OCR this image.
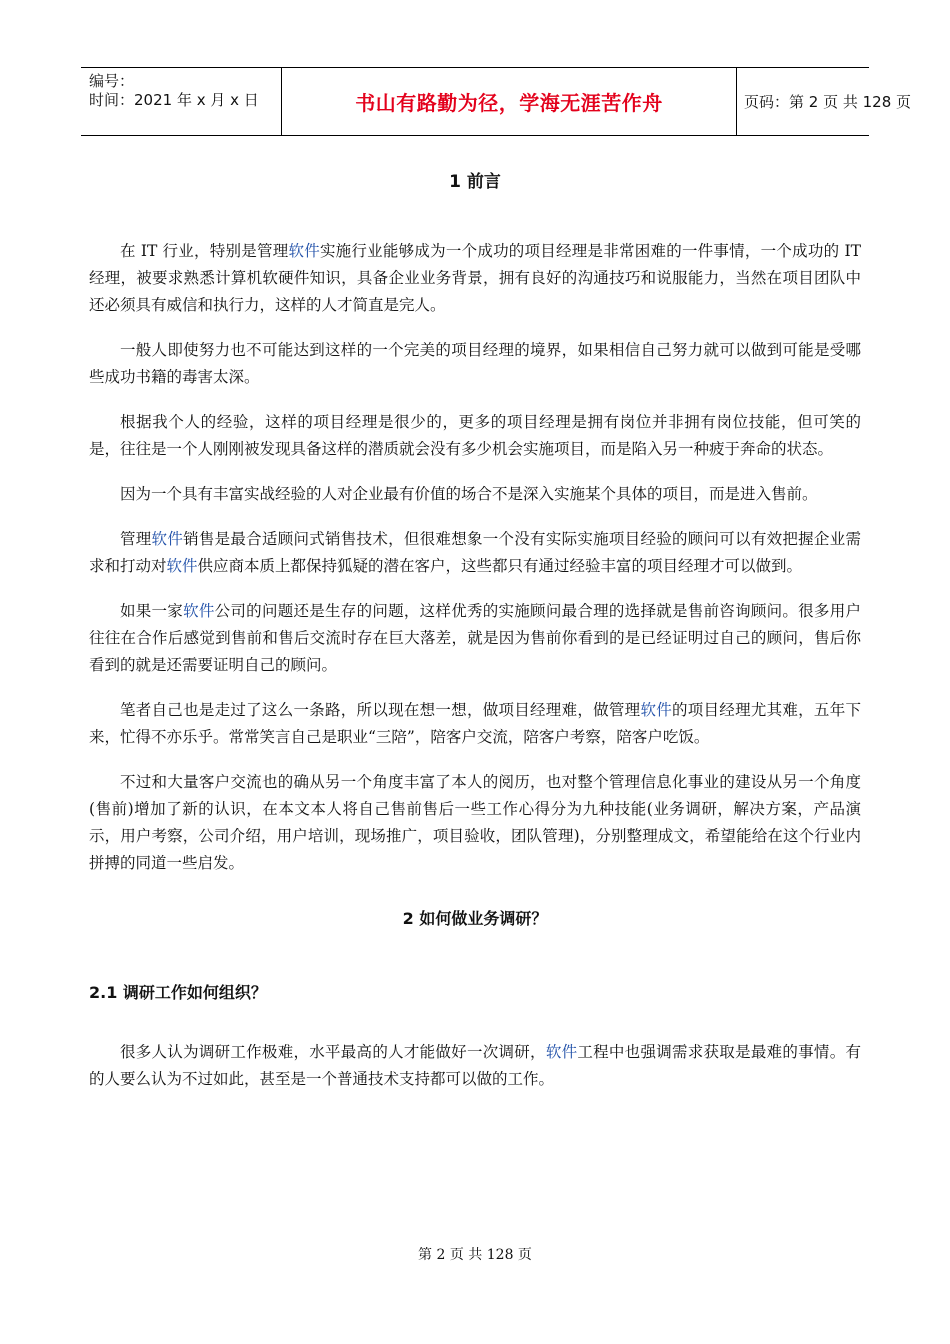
编号：
时间：2021 年 x 月 x 日	书山有路勤为径，学海无涯苦作舟	页码：第 2 页 共 128 页
1 前言

在 IT 行业，特别是管理软件实施行业能够成为一个成功的项目经理是非常困难的一件事情，一个成功的 IT 经理，被要求熟悉计算机软硬件知识，具备企业业务背景，拥有良好的沟通技巧和说服能力，当然在项目团队中还必须具有威信和执行力，这样的人才简直是完人。

一般人即使努力也不可能达到这样的一个完美的项目经理的境界，如果相信自己努力就可以做到可能是受哪些成功书籍的毒害太深。

根据我个人的经验，这样的项目经理是很少的，更多的项目经理是拥有岗位并非拥有岗位技能，但可笑的是，往往是一个人刚刚被发现具备这样的潜质就会没有多少机会实施项目，而是陷入另一种疲于奔命的状态。

因为一个具有丰富实战经验的人对企业最有价值的场合不是深入实施某个具体的项目，而是进入售前。

管理软件销售是最合适顾问式销售技术，但很难想象一个没有实际实施项目经验的顾问可以有效把握企业需求和打动对软件供应商本质上都保持狐疑的潜在客户，这些都只有通过经验丰富的项目经理才可以做到。

如果一家软件公司的问题还是生存的问题，这样优秀的实施顾问最合理的选择就是售前咨询顾问。很多用户往往在合作后感觉到售前和售后交流时存在巨大落差，就是因为售前你看到的是已经证明过自己的顾问，售后你看到的就是还需要证明自己的顾问。

笔者自己也是走过了这么一条路，所以现在想一想，做项目经理难，做管理软件的项目经理尤其难，五年下来，忙得不亦乐乎。常常笑言自己是职业“三陪”，陪客户交流，陪客户考察，陪客户吃饭。

不过和大量客户交流也的确从另一个角度丰富了本人的阅历，也对整个管理信息化事业的建设从另一个角度(售前)增加了新的认识，在本文本人将自己售前售后一些工作心得分为九种技能(业务调研，解决方案，产品演示，用户考察，公司介绍，用户培训，现场推广，项目验收，团队管理)，分别整理成文，希望能给在这个行业内拼搏的同道一些启发。

2 如何做业务调研？
2.1 调研工作如何组织？

很多人认为调研工作极难，水平最高的人才能做好一次调研，软件工程中也强调需求获取是最难的事情。有的人要么认为不过如此，甚至是一个普通技术支持都可以做的工作。

第 2 页 共 128 页
